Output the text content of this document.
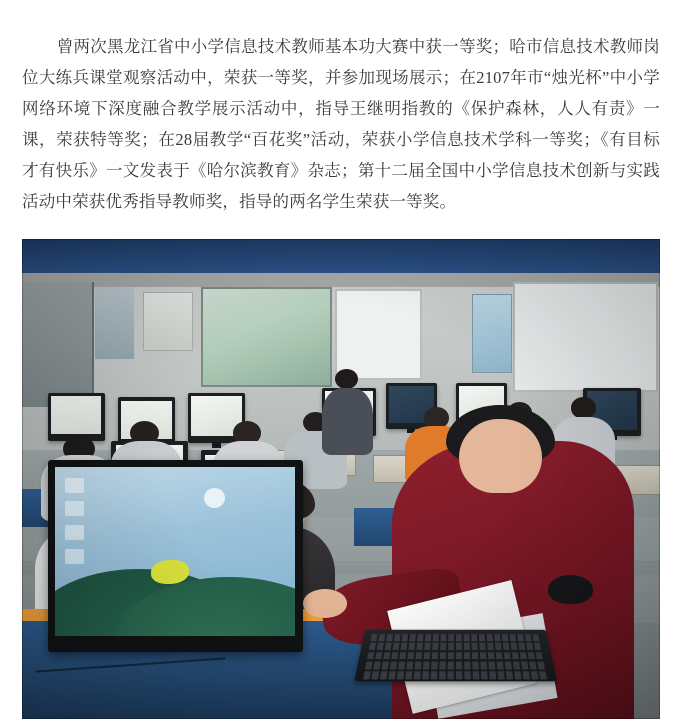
曾两次黑龙江省中小学信息技术教师基本功大赛中获一等奖；哈市信息技术教师岗位大练兵课堂观察活动中，荣获一等奖，并参加现场展示；在2107年市“烛光杯”中小学网络环境下深度融合教学展示活动中，指导王继明指教的《保护森林，人人有责》一课，荣获特等奖；在28届教学“百花奖”活动，荣获小学信息技术学科一等奖；《有目标才有快乐》一文发表于《哈尔滨教育》杂志；第十二届全国中小学信息技术创新与实践活动中荣获优秀指导教师奖，指导的两名学生荣获一等奖。
